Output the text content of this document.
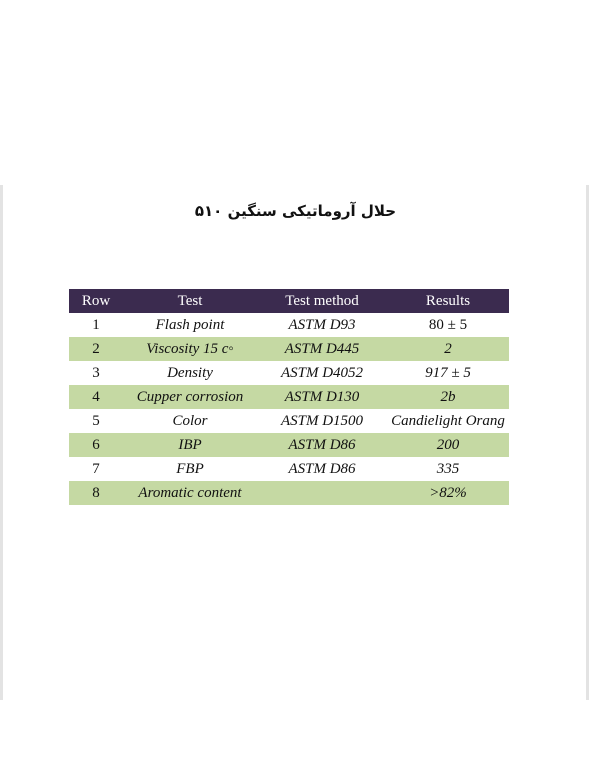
حلال آروماتیکی سنگین ۵۱۰
Row	Test	Test method	Results
1	Flash point	ASTM D93	80 ± 5
2	Viscosity 15 c◦	ASTM D445	2
3	Density	ASTM D4052	917 ± 5
4	Cupper corrosion	ASTM D130	2b
5	Color	ASTM D1500	Candielight Orang
6	IBP	ASTM D86	200
7	FBP	ASTM D86	335
8	Aromatic content		>82%
